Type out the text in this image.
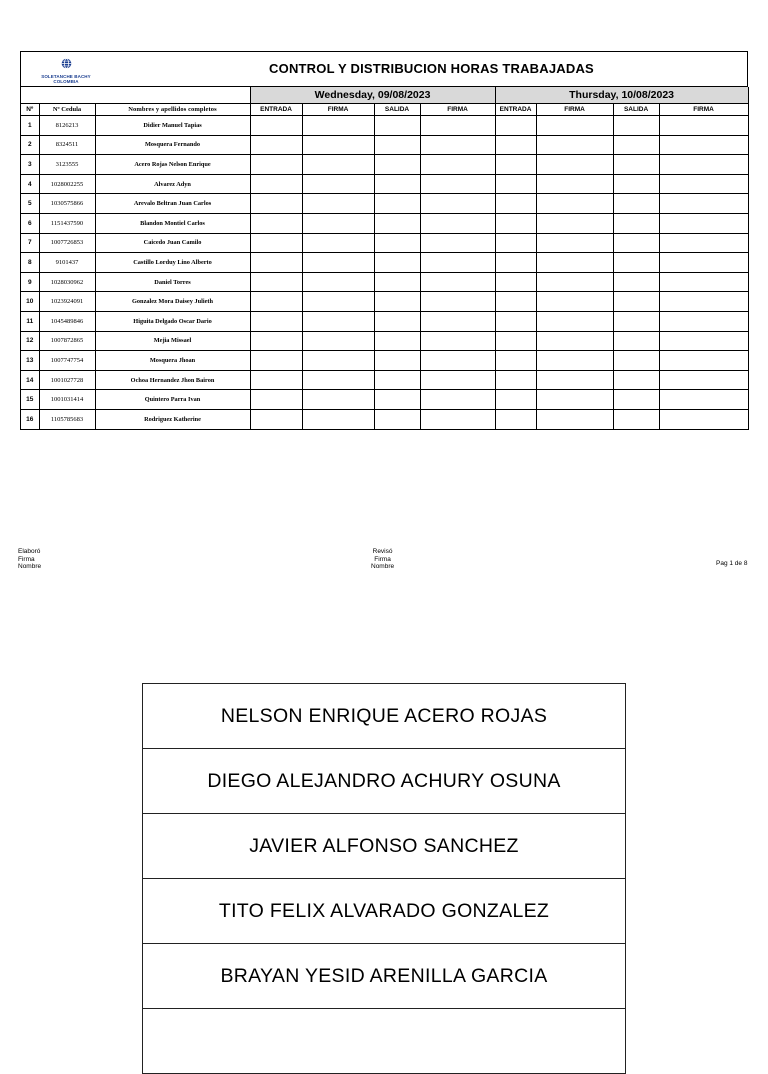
SOLETANCHE BACHY
COLOMBIA
CONTROL Y DISTRIBUCION HORAS TRABAJADAS
			Wednesday, 09/08/2023				Thursday, 10/08/2023			
Nº	Nº Cedula	Nombres y apellidos completos	ENTRADA	FIRMA	SALIDA	FIRMA	ENTRADA	FIRMA	SALIDA	FIRMA
1	8126213	Didier Manuel Tapias								
2	8324511	Mosquera Fernando								
3	3123555	Acero Rojas Nelson Enrique								
4	1028002255	Alvarez Adyn								
5	1030575866	Arevalo Beltran Juan Carlos								
6	1151437590	Blandon Montiel Carlos								
7	1007726853	Caicedo Juan Camilo								
8	9101437	Castillo Lorduy Lino Alberto								
9	1028030962	Daniel Torres								
10	1023924091	Gonzalez Mora Daisey Julieth								
11	1045489846	Higuita Delgado Oscar Dario								
12	1007872865	Mejia Missael								
13	1007747754	Mosquera Jhoan								
14	1001027728	Ochoa Hernandez Jhon Bairon								
15	1001031414	Quintero Parra Ivan								
16	1105785683	Rodriguez Katherine								
Elaboró
Firma
Nombre
Revisó
Firma
Nombre	Pag 1 de 8
NELSON ENRIQUE ACERO ROJAS
DIEGO ALEJANDRO ACHURY OSUNA
JAVIER ALFONSO SANCHEZ
TITO FELIX ALVARADO GONZALEZ
BRAYAN YESID ARENILLA GARCIA
